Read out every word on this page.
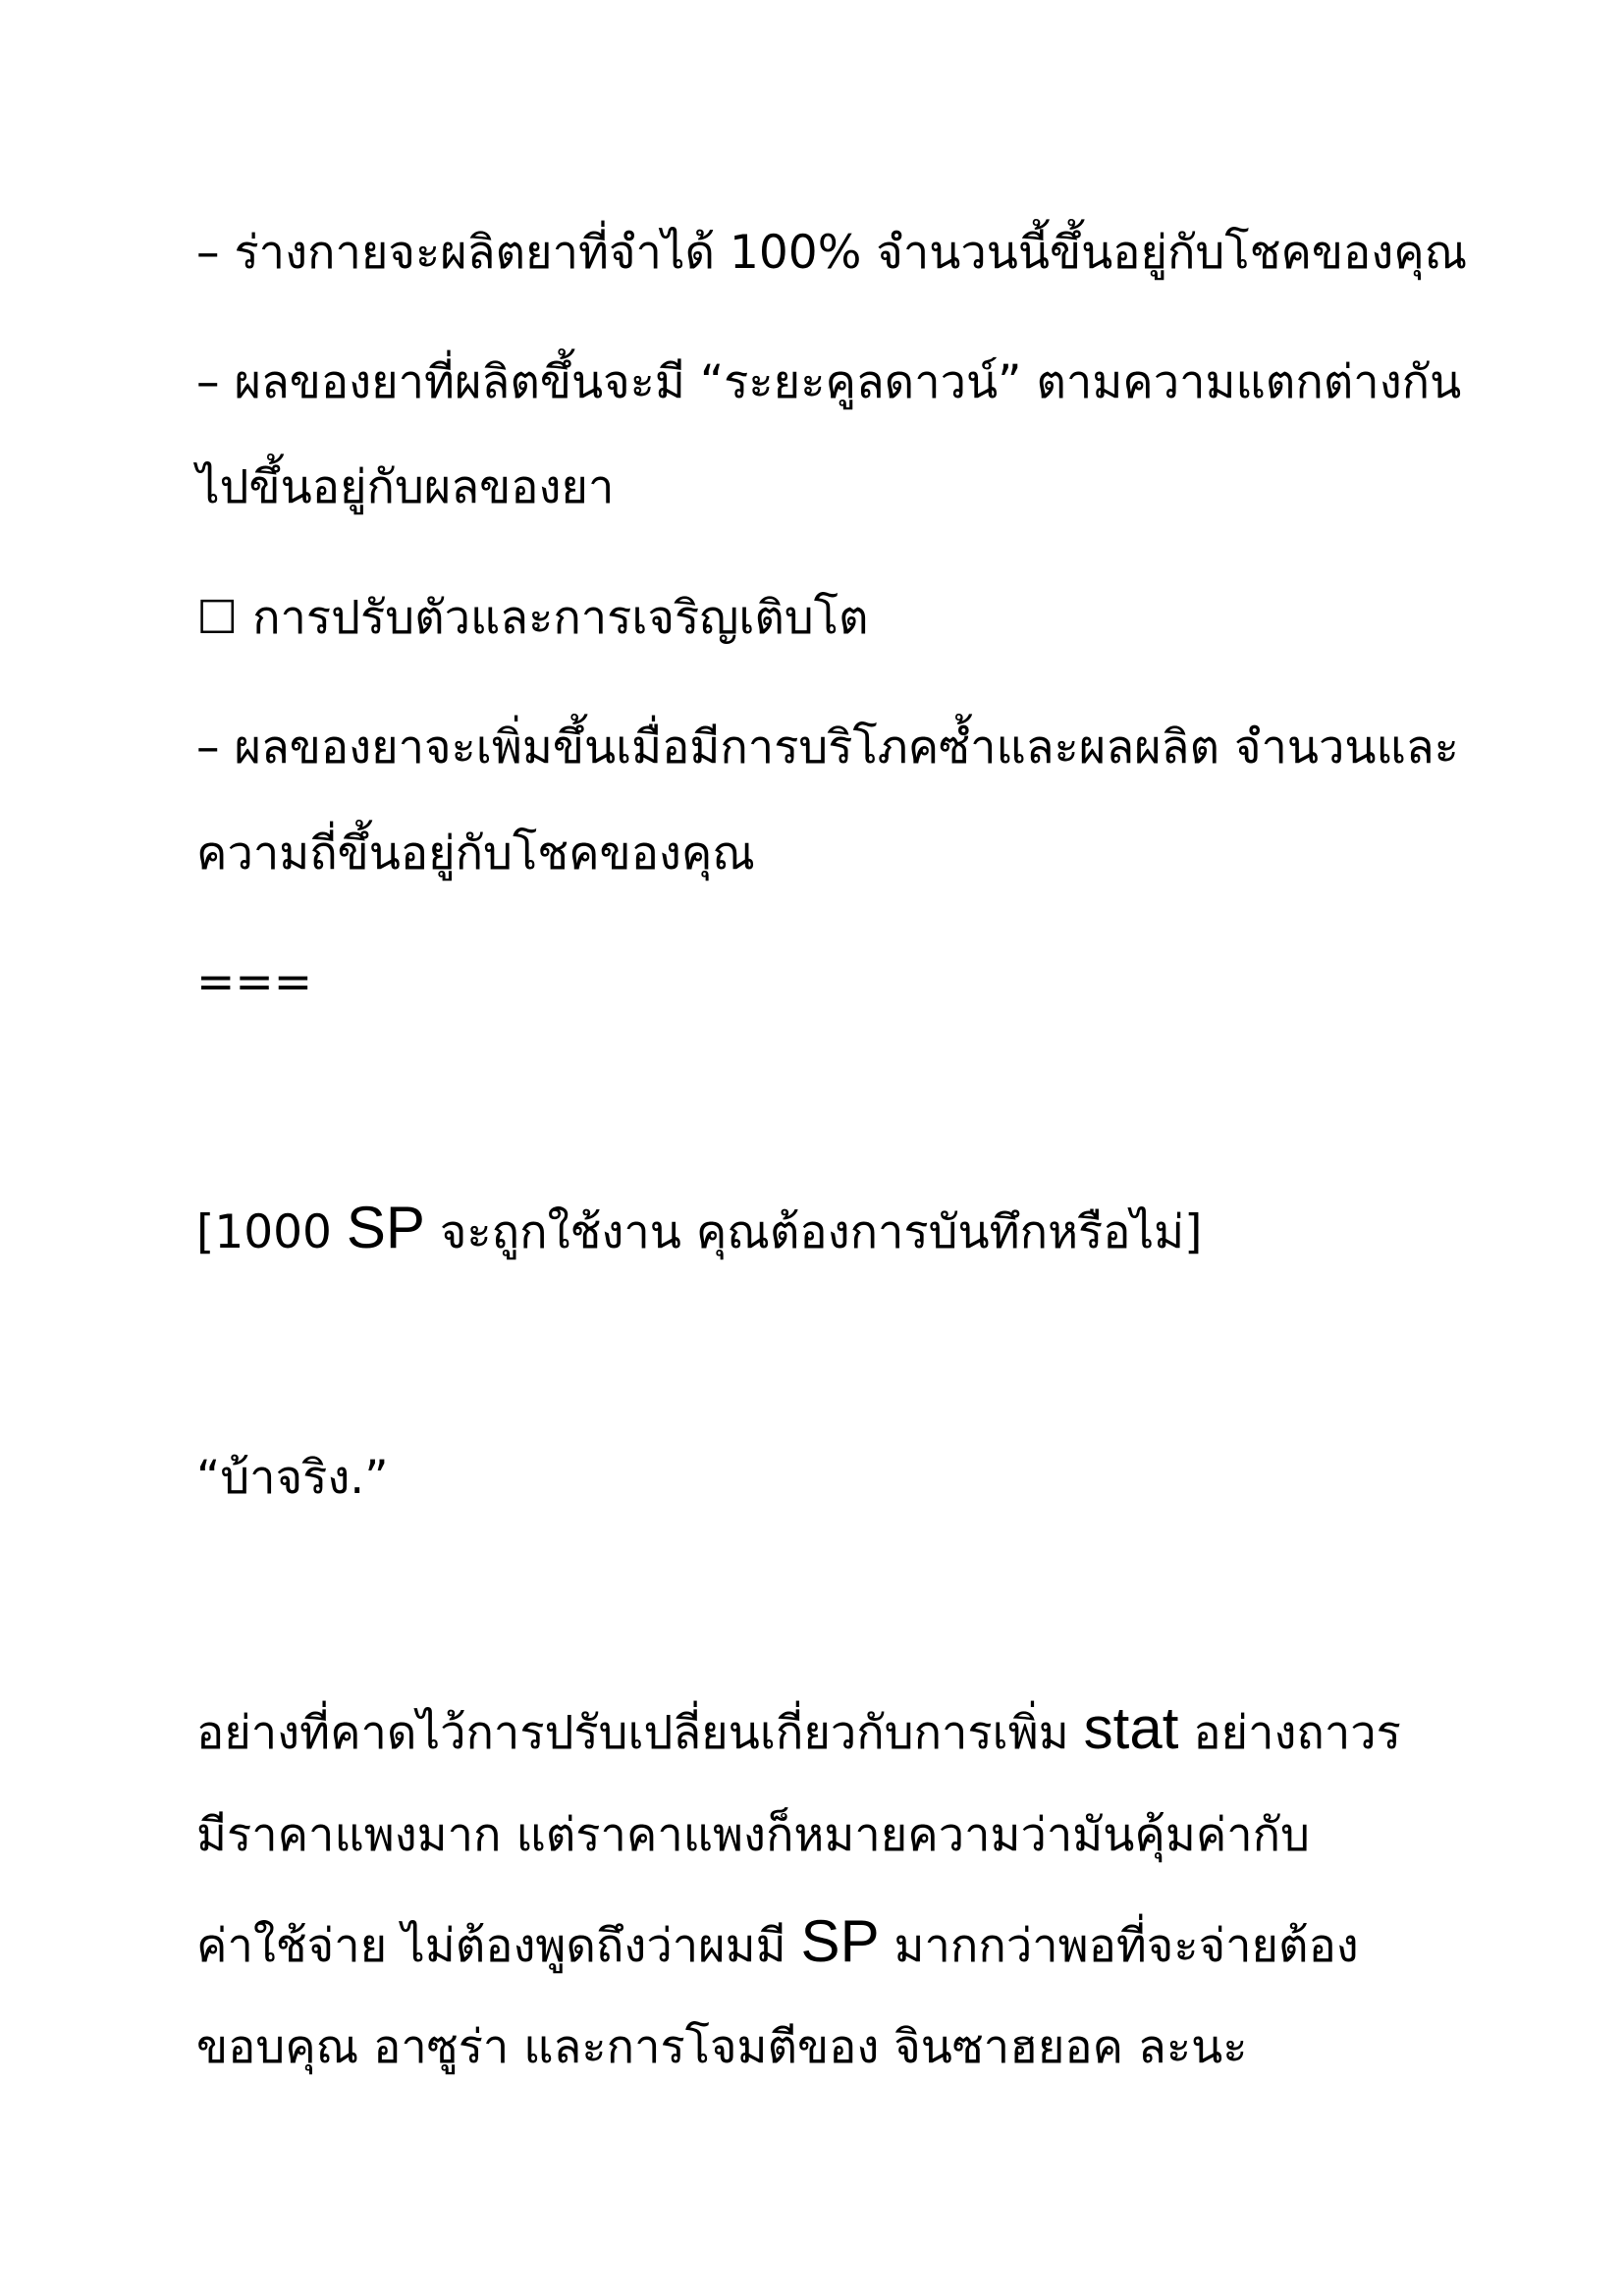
– ร่างกายจะผลิตยาที่จำได้ 100% จำนวนนี้ขึ้นอยู่กับโชคของคุณ
– ผลของยาที่ผลิตขึ้นจะมี “ระยะคูลดาวน์” ตามความแตกต่างกัน
ไปขึ้นอยู่กับผลของยา
☐ การปรับตัวและการเจริญเติบโต
– ผลของยาจะเพิ่มขึ้นเมื่อมีการบริโภคซ้ำและผลผลิต จำนวนและ
ความถี่ขึ้นอยู่กับโชคของคุณ
===
[1000 SP จะถูกใช้งาน คุณต้องการบันทึกหรือไม่]
“บ้าจริง.”
อย่างที่คาดไว้การปรับเปลี่ยนเกี่ยวกับการเพิ่ม stat อย่างถาวร
มีราคาแพงมาก แต่ราคาแพงก็หมายความว่ามันคุ้มค่ากับ
ค่าใช้จ่าย ไม่ต้องพูดถึงว่าผมมี SP มากกว่าพอที่จะจ่ายต้อง
ขอบคุณ อาซูร่า และการโจมตีของ จินซาฮยอค ละนะ
